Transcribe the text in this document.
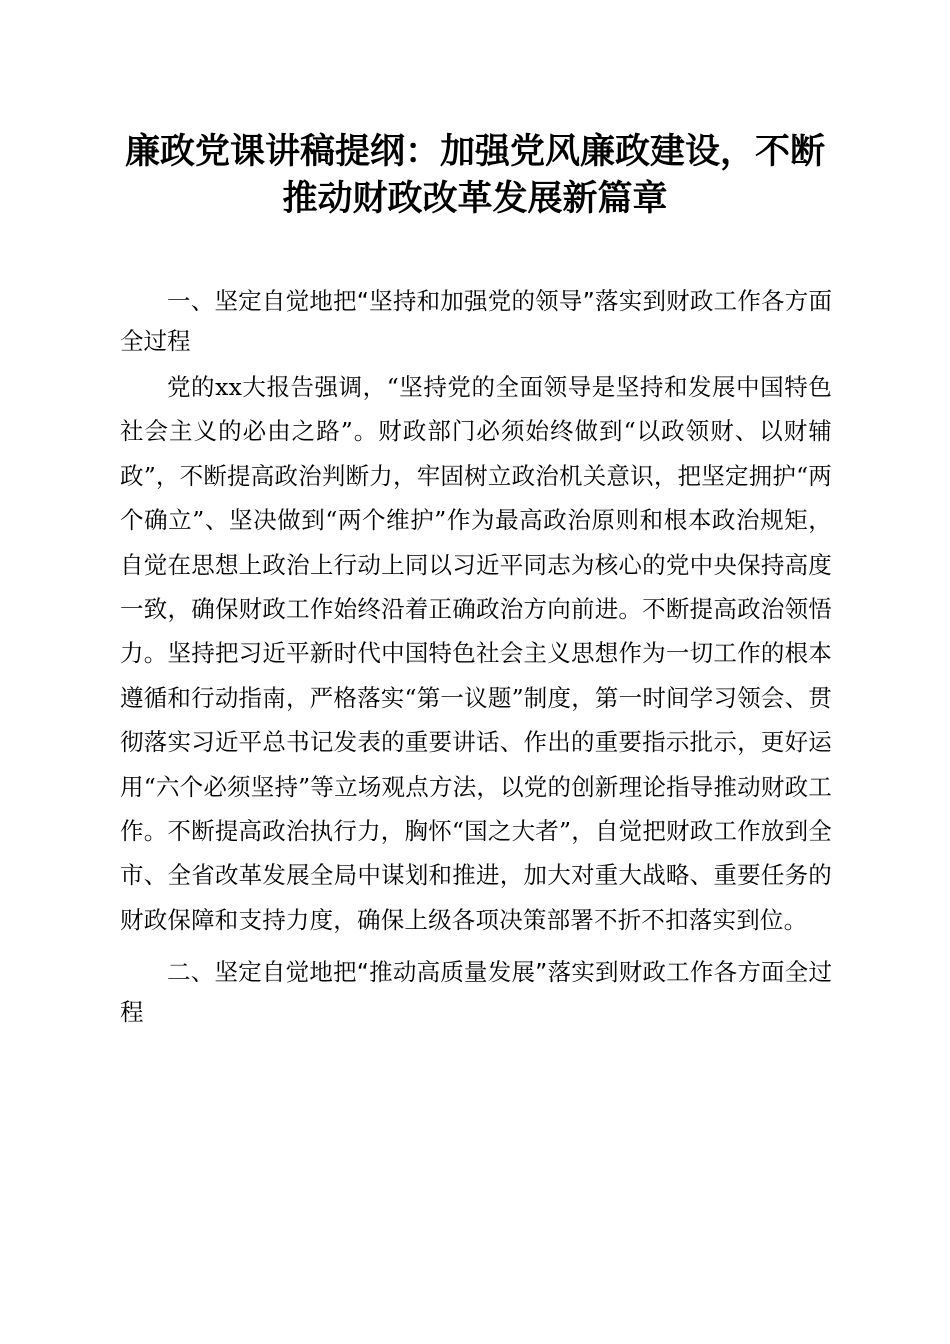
廉政党课讲稿提纲：加强党风廉政建设，不断
推动财政改革发展新篇章
一、坚定自觉地把“坚持和加强党的领导”落实到财政工作各方面全过程

党的xx大报告强调，“坚持党的全面领导是坚持和发展中国特色社会主义的必由之路”。财政部门必须始终做到“以政领财、以财辅政”，不断提高政治判断力，牢固树立政治机关意识，把坚定拥护“两个确立”、坚决做到“两个维护”作为最高政治原则和根本政治规矩，自觉在思想上政治上行动上同以习近平同志为核心的党中央保持高度一致，确保财政工作始终沿着正确政治方向前进。不断提高政治领悟力。坚持把习近平新时代中国特色社会主义思想作为一切工作的根本遵循和行动指南，严格落实“第一议题”制度，第一时间学习领会、贯彻落实习近平总书记发表的重要讲话、作出的重要指示批示，更好运用“六个必须坚持”等立场观点方法，以党的创新理论指导推动财政工作。不断提高政治执行力，胸怀“国之大者”，自觉把财政工作放到全市、全省改革发展全局中谋划和推进，加大对重大战略、重要任务的财政保障和支持力度，确保上级各项决策部署不折不扣落实到位。

二、坚定自觉地把“推动高质量发展”落实到财政工作各方面全过程
